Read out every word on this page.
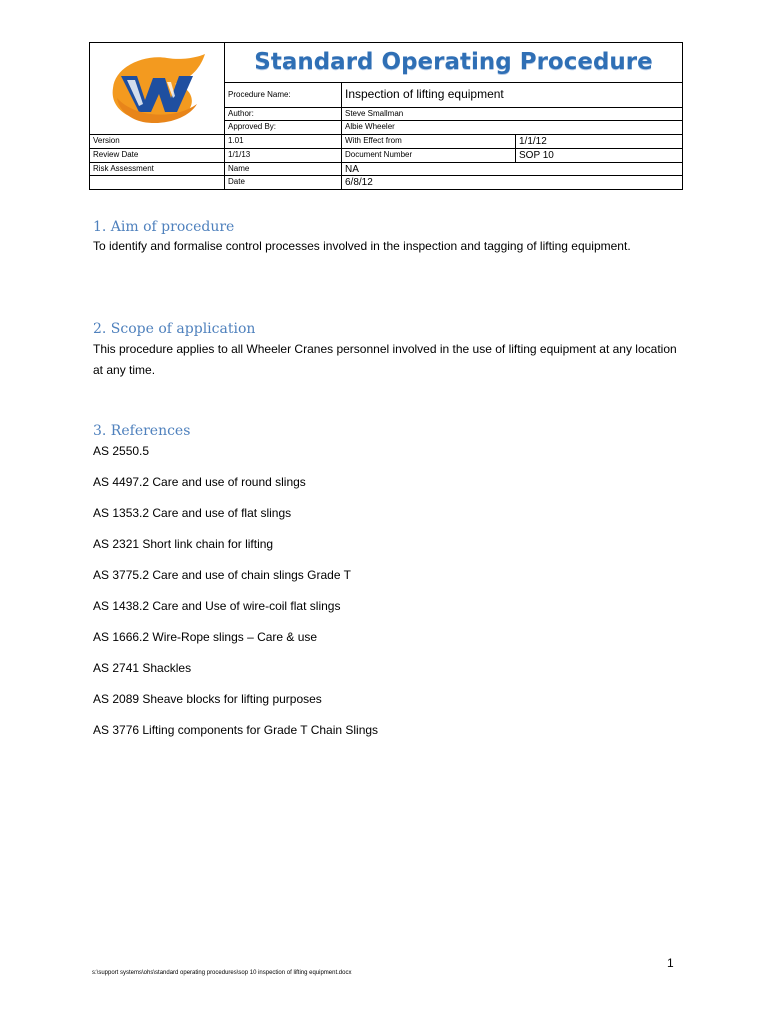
	Standard Operating Procedure		
	Procedure Name:	Inspection of lifting equipment	
	Author:	Steve Smallman	
	Approved By:	Albie Wheeler	
Version	1.01	With Effect from	1/1/12
Review Date	1/1/13	Document Number	SOP 10
Risk Assessment	Name	NA	
	Date	6/8/12	
1. Aim of procedure

To identify and formalise control processes involved in the inspection and tagging of lifting equipment.

2. Scope of application

This procedure applies to all Wheeler Cranes personnel involved in the use of lifting equipment at any location at any time.

3. References
AS 2550.5
AS 4497.2 Care and use of round slings
AS 1353.2 Care and use of flat slings
AS 2321 Short link chain for lifting
AS 3775.2 Care and use of chain slings Grade T
AS 1438.2 Care and Use of wire-coil flat slings
AS 1666.2 Wire-Rope slings – Care & use
AS 2741 Shackles
AS 2089 Sheave blocks for lifting purposes
AS 3776 Lifting components for Grade T Chain Slings
1
s:\support systems\ohs\standard operating procedures\sop 10 inspection of lifting equipment.docx
